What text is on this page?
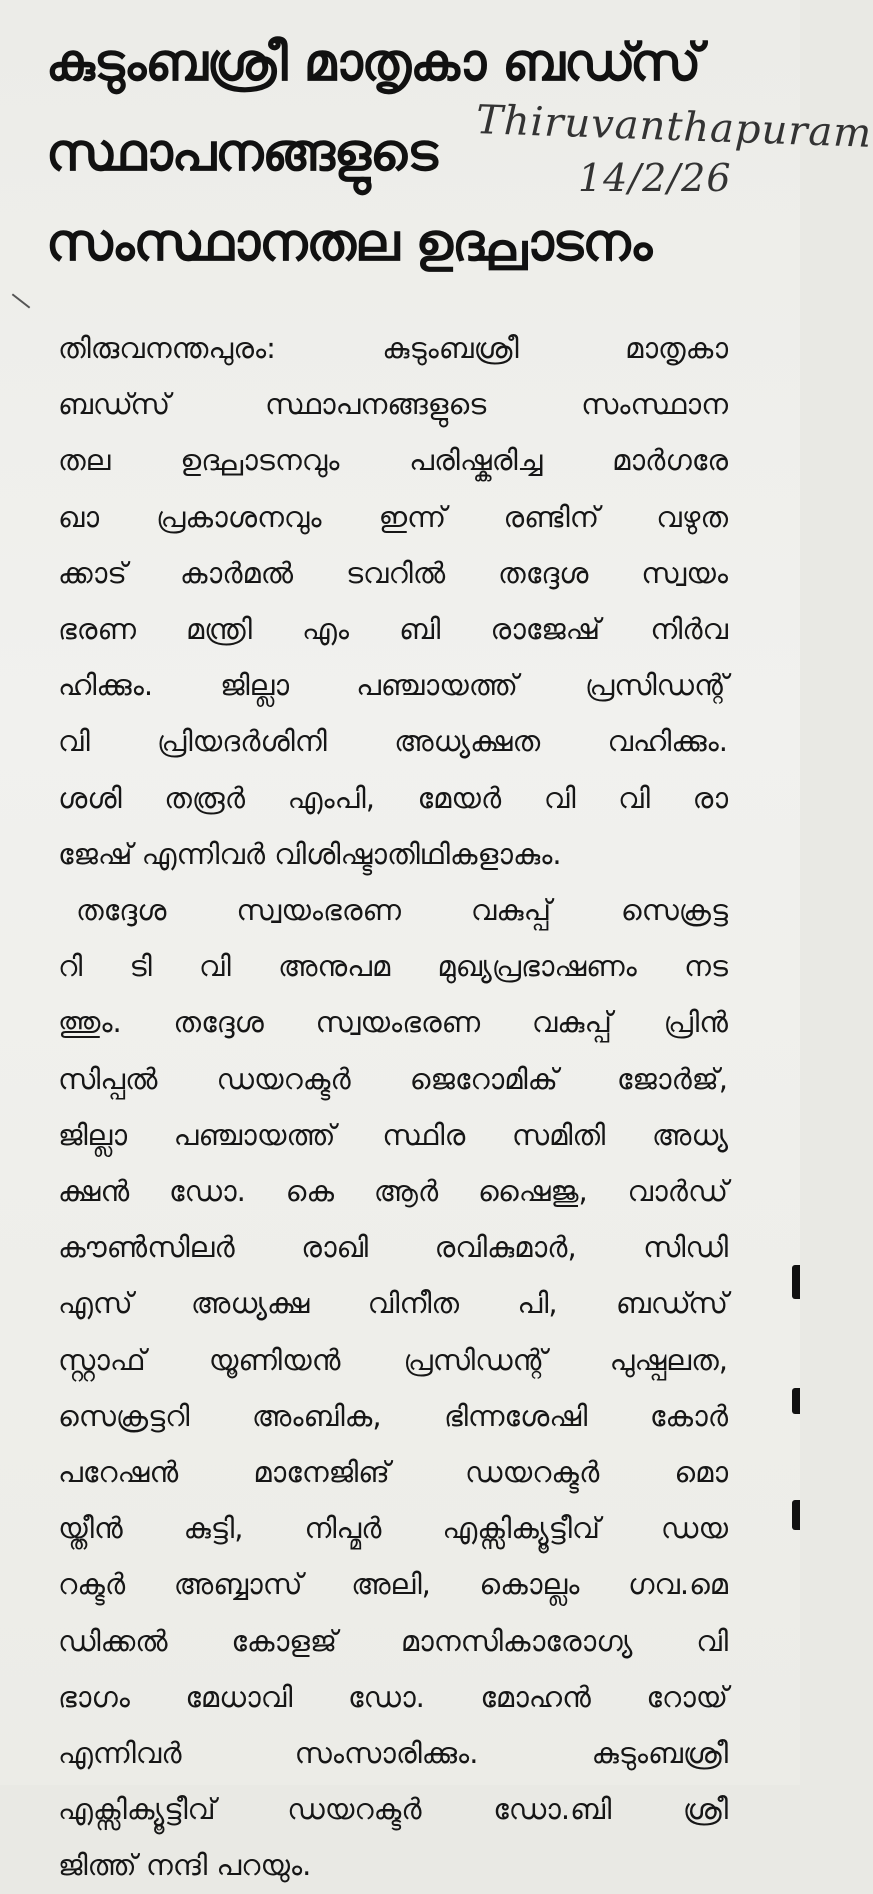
കുടുംബശ്രീ മാതൃകാ ബഡ്സ്
സ്ഥാപനങ്ങളുടെ
സംസ്ഥാനതല ഉദ്ഘാടനം
Thiruvanthapuram
14/2/26
തിരുവനന്തപുരം: കുടുംബശ്രീ മാതൃകാ
ബഡ്സ് സ്ഥാപനങ്ങളുടെ സംസ്ഥാന
തല ഉദ്ഘാടനവും പരിഷ്കരിച്ച മാർഗരേ
ഖാ പ്രകാശനവും ഇന്ന് രണ്ടിന് വഴുത
ക്കാട് കാർമൽ ടവറിൽ തദ്ദേശ സ്വയം
ഭരണ മന്ത്രി എം ബി രാജേഷ് നിർവ
ഹിക്കും. ജില്ലാ പഞ്ചായത്ത് പ്രസിഡന്റ്
വി പ്രിയദർശിനി അധ്യക്ഷത വഹിക്കും.
ശശി തരൂർ എംപി, മേയർ വി വി രാ
ജേഷ് എന്നിവർ വിശിഷ്ടാതിഥികളാകും.
തദ്ദേശ സ്വയംഭരണ വകുപ്പ് സെക്രട്ട
റി ടി വി അനുപമ മുഖ്യപ്രഭാഷണം നട
ത്തും. തദ്ദേശ സ്വയംഭരണ വകുപ്പ് പ്രിൻ
സിപ്പൽ ഡയറക്ടർ ജെറോമിക് ജോർജ്,
ജില്ലാ പഞ്ചായത്ത് സ്ഥിര സമിതി അധ്യ
ക്ഷൻ ഡോ. കെ ആർ ഷൈജു, വാർഡ്
കൗൺസിലർ രാഖി രവികുമാർ, സിഡി
എസ് അധ്യക്ഷ വിനീത പി, ബഡ്സ്
സ്റ്റാഫ് യൂണിയൻ പ്രസിഡന്റ് പുഷ്പലത,
സെക്രട്ടറി അംബിക, ഭിന്നശേഷി കോർ
പറേഷൻ മാനേജിങ് ഡയറക്ടർ മൊ
യ്തീൻ കുട്ടി, നിപ്മർ എക്സിക്യൂട്ടീവ് ഡയ
റക്ടർ അബ്ബാസ് അലി, കൊല്ലം ഗവ.മെ
ഡിക്കൽ കോളജ് മാനസികാരോഗ്യ വി
ഭാഗം മേധാവി ഡോ. മോഹൻ റോയ്
എന്നിവർ സംസാരിക്കും. കുടുംബശ്രീ
എക്സിക്യൂട്ടീവ് ഡയറക്ടർ ഡോ.ബി ശ്രീ
ജിത്ത് നന്ദി പറയും.
